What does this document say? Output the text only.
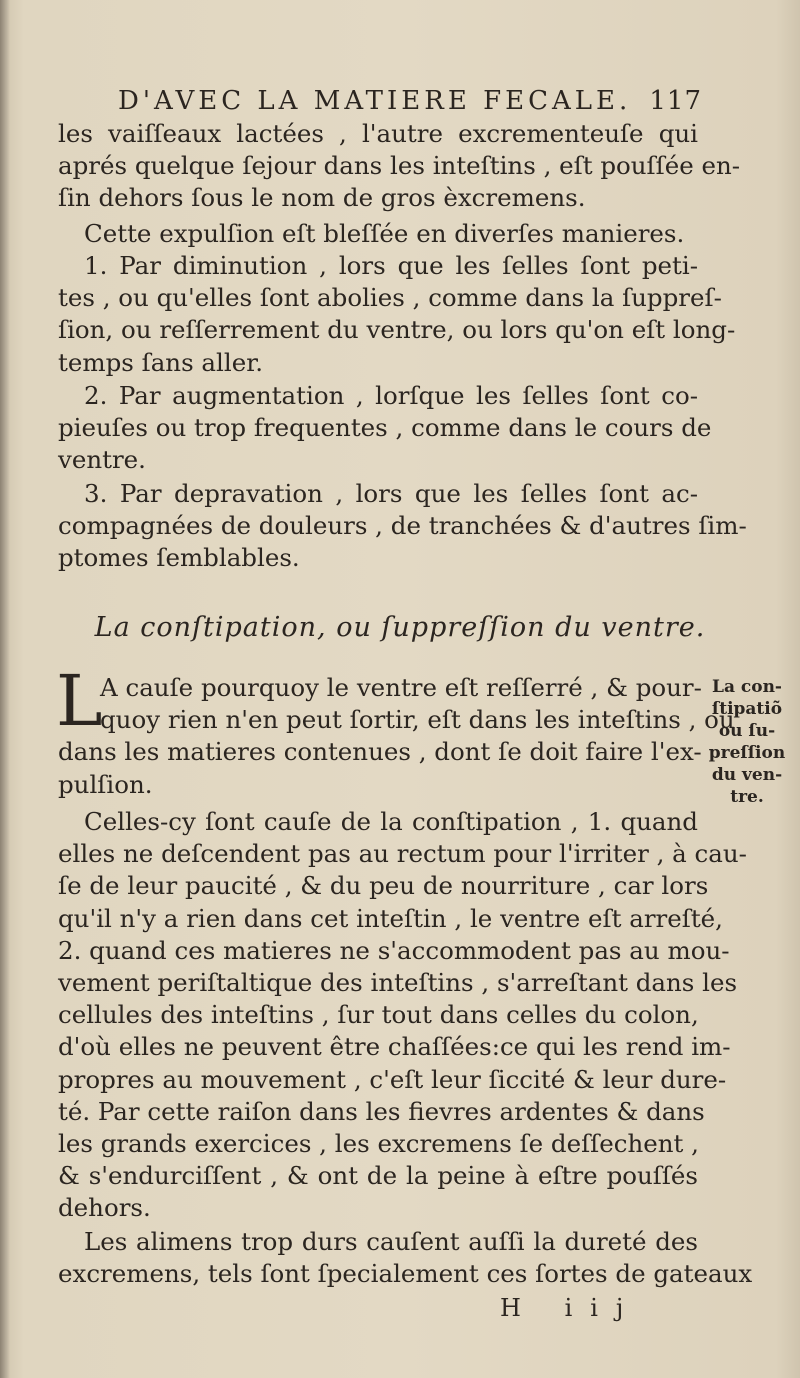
D'AVEC LA MATIERE FECALE. 117
les vaiſſeaux lactées , l'autre excrementeuſe qui
aprés quelque ſejour dans les inteſtins , eſt pouſſée en-
ſin dehors ſous le nom de gros èxcremens.
Cette expulſion eſt bleſſée en diverſes manieres.
1. Par diminution , lors que les ſelles ſont peti-
tes , ou qu'elles ſont abolies , comme dans la ſuppreſ-
ſion, ou reſſerrement du ventre, ou lors qu'on eſt long-
temps ſans aller.
2. Par augmentation , lorſque les ſelles ſont co-
pieuſes ou trop frequentes , comme dans le cours de
ventre.
3. Par depravation , lors que les ſelles ſont ac-
compagnées de douleurs , de tranchées & d'autres ſim-
ptomes ſemblables.
La conſtipation, ou ſuppreſſion du ventre.
L
A cauſe pourquoy le ventre eſt reſſerré , & pour-
quoy rien n'en peut ſortir, eſt dans les inteſtins , ou
dans les matieres contenues , dont ſe doit faire l'ex-
pulſion.
La con-
ſtipatiõ
ou ſu-
preſſion
du ven-
tre.
Celles-cy ſont cauſe de la conſtipation , 1. quand
elles ne deſcendent pas au rectum pour l'irriter , à cau-
ſe de leur paucité , & du peu de nourriture , car lors
qu'il n'y a rien dans cet inteſtin , le ventre eſt arreſté,
2. quand ces matieres ne s'accommodent pas au mou-
vement periſtaltique des inteſtins , s'arreſtant dans les
cellules des inteſtins , ſur tout dans celles du colon,
d'où elles ne peuvent être chaſſées:ce qui les rend im-
propres au mouvement , c'eſt leur ſiccité & leur dure-
té. Par cette raiſon dans les fievres ardentes & dans
les grands exercices , les excremens ſe deſſechent ,
& s'endurciſſent , & ont de la peine à eſtre pouſſés
dehors.
Les alimens trop durs cauſent auſſi la dureté des
excremens, tels ſont ſpecialement ces ſortes de gateaux
H iij
